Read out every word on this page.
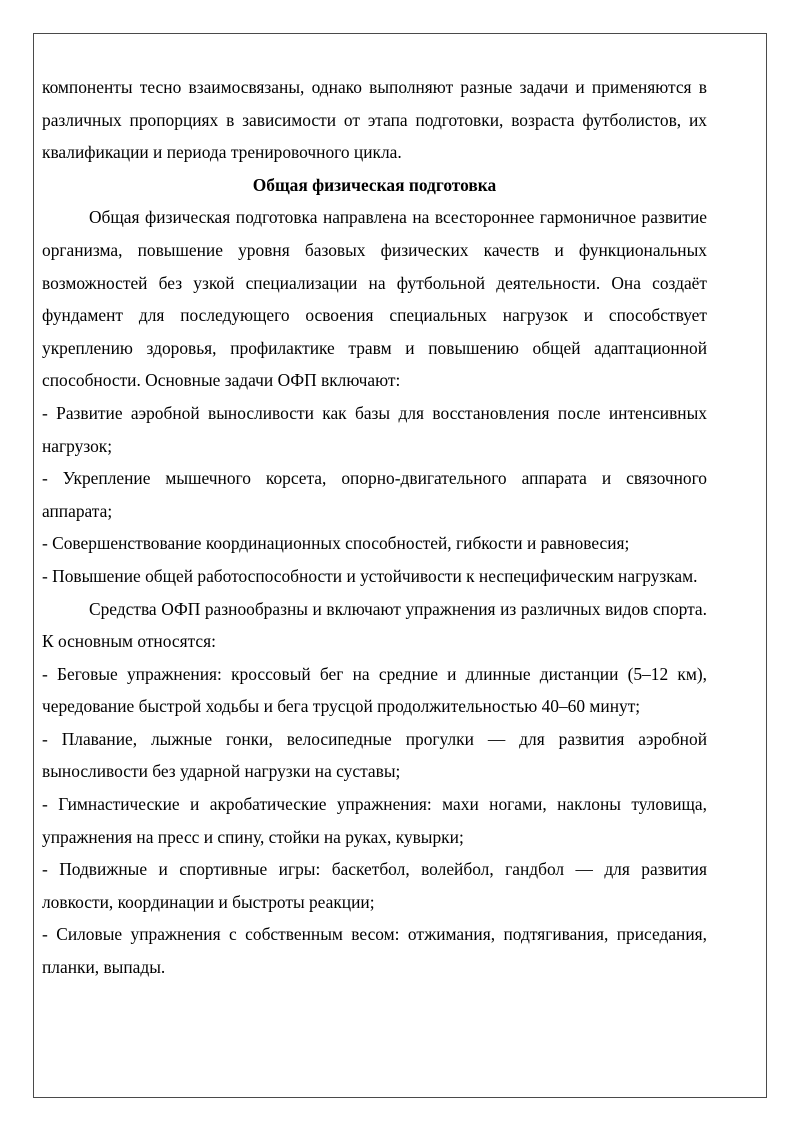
компоненты тесно взаимосвязаны, однако выполняют разные задачи и применяются в различных пропорциях в зависимости от этапа подготовки, возраста футболистов, их квалификации и периода тренировочного цикла.

Общая физическая подготовка

Общая физическая подготовка направлена на всестороннее гармоничное развитие организма, повышение уровня базовых физических качеств и функциональных возможностей без узкой специализации на футбольной деятельности. Она создаёт фундамент для последующего освоения специальных нагрузок и способствует укреплению здоровья, профилактике травм и повышению общей адаптационной способности. Основные задачи ОФП включают:

- Развитие аэробной выносливости как базы для восстановления после интенсивных нагрузок;

- Укрепление мышечного корсета, опорно-двигательного аппарата и связочного аппарата;

- Совершенствование координационных способностей, гибкости и равновесия;

- Повышение общей работоспособности и устойчивости к неспецифическим нагрузкам.

Средства ОФП разнообразны и включают упражнения из различных видов спорта. К основным относятся:

- Беговые упражнения: кроссовый бег на средние и длинные дистанции (5–12 км), чередование быстрой ходьбы и бега трусцой продолжительностью 40–60 минут;

- Плавание, лыжные гонки, велосипедные прогулки — для развития аэробной выносливости без ударной нагрузки на суставы;

- Гимнастические и акробатические упражнения: махи ногами, наклоны туловища, упражнения на пресс и спину, стойки на руках, кувырки;

- Подвижные и спортивные игры: баскетбол, волейбол, гандбол — для развития ловкости, координации и быстроты реакции;

- Силовые упражнения с собственным весом: отжимания, подтягивания, приседания, планки, выпады.
